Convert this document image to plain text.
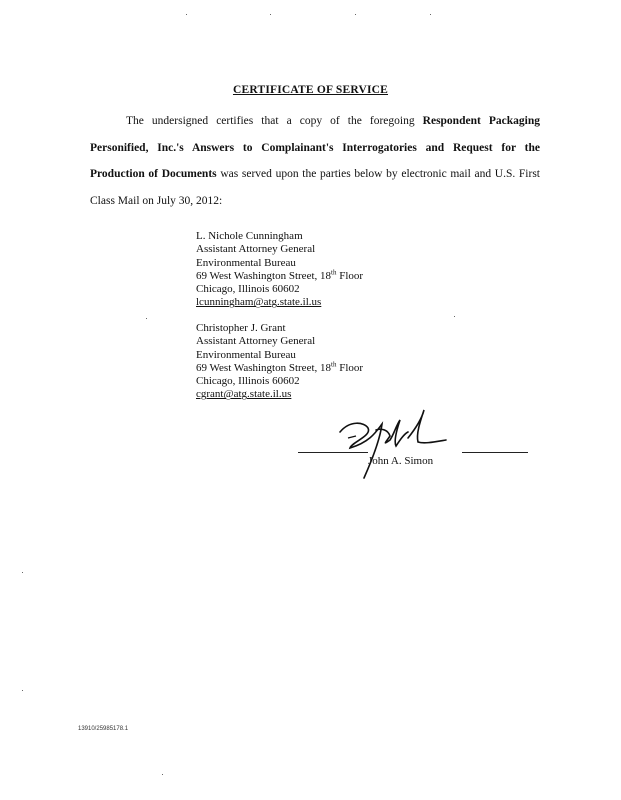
CERTIFICATE OF SERVICE
The undersigned certifies that a copy of the foregoing Respondent Packaging Personified, Inc.'s Answers to Complainant's Interrogatories and Request for the Production of Documents was served upon the parties below by electronic mail and U.S. First Class Mail on July 30, 2012:
L. Nichole Cunningham
Assistant Attorney General
Environmental Bureau
69 West Washington Street, 18th Floor
Chicago, Illinois 60602
lcunningham@atg.state.il.us
Christopher J. Grant
Assistant Attorney General
Environmental Bureau
69 West Washington Street, 18th Floor
Chicago, Illinois 60602
cgrant@atg.state.il.us
John A. Simon
13910/25985178.1
